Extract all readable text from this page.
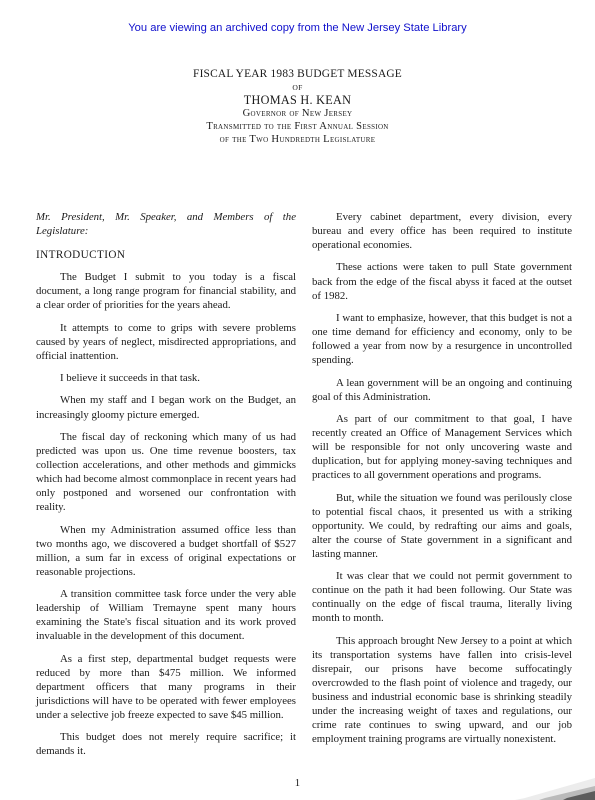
You are viewing an archived copy from the New Jersey State Library
FISCAL YEAR 1983 BUDGET MESSAGE
OF
THOMAS H. KEAN
Governor of New Jersey
Transmitted to the First Annual Session
of the Two Hundredth Legislature

Mr. President, Mr. Speaker, and Members of the Legislature:

INTRODUCTION

The Budget I submit to you today is a fiscal document, a long range program for financial stability, and a clear order of priorities for the years ahead.

It attempts to come to grips with severe problems caused by years of neglect, misdirected appropriations, and official inattention.

I believe it succeeds in that task.

When my staff and I began work on the Budget, an increasingly gloomy picture emerged.

The fiscal day of reckoning which many of us had predicted was upon us. One time revenue boosters, tax collection accelerations, and other methods and gimmicks which had become almost commonplace in recent years had only postponed and worsened our confrontation with reality.

When my Administration assumed office less than two months ago, we discovered a budget shortfall of $527 million, a sum far in excess of original expectations or reasonable projections.

A transition committee task force under the very able leadership of William Tremayne spent many hours examining the State's fiscal situation and its work proved invaluable in the development of this document.

As a first step, departmental budget requests were reduced by more than $475 million. We informed department officers that many programs in their jurisdictions will have to be operated with fewer employees under a selective job freeze expected to save $45 million.

This budget does not merely require sacrifice; it demands it.

Every cabinet department, every division, every bureau and every office has been required to institute operational economies.

These actions were taken to pull State government back from the edge of the fiscal abyss it faced at the outset of 1982.

I want to emphasize, however, that this budget is not a one time demand for efficiency and economy, only to be followed a year from now by a resurgence in uncontrolled spending.

A lean government will be an ongoing and continuing goal of this Administration.

As part of our commitment to that goal, I have recently created an Office of Management Services which will be responsible for not only uncovering waste and duplication, but for applying money-saving techniques and practices to all government operations and programs.

But, while the situation we found was perilously close to potential fiscal chaos, it presented us with a striking opportunity. We could, by redrafting our aims and goals, alter the course of State government in a significant and lasting manner.

It was clear that we could not permit government to continue on the path it had been following. Our State was continually on the edge of fiscal trauma, literally living month to month.

This approach brought New Jersey to a point at which its transportation systems have fallen into crisis-level disrepair, our prisons have become suffocatingly overcrowded to the flash point of violence and tragedy, our business and industrial economic base is shrinking steadily under the increasing weight of taxes and regulations, our crime rate continues to swing upward, and our job employment training programs are virtually nonexistent.

1
